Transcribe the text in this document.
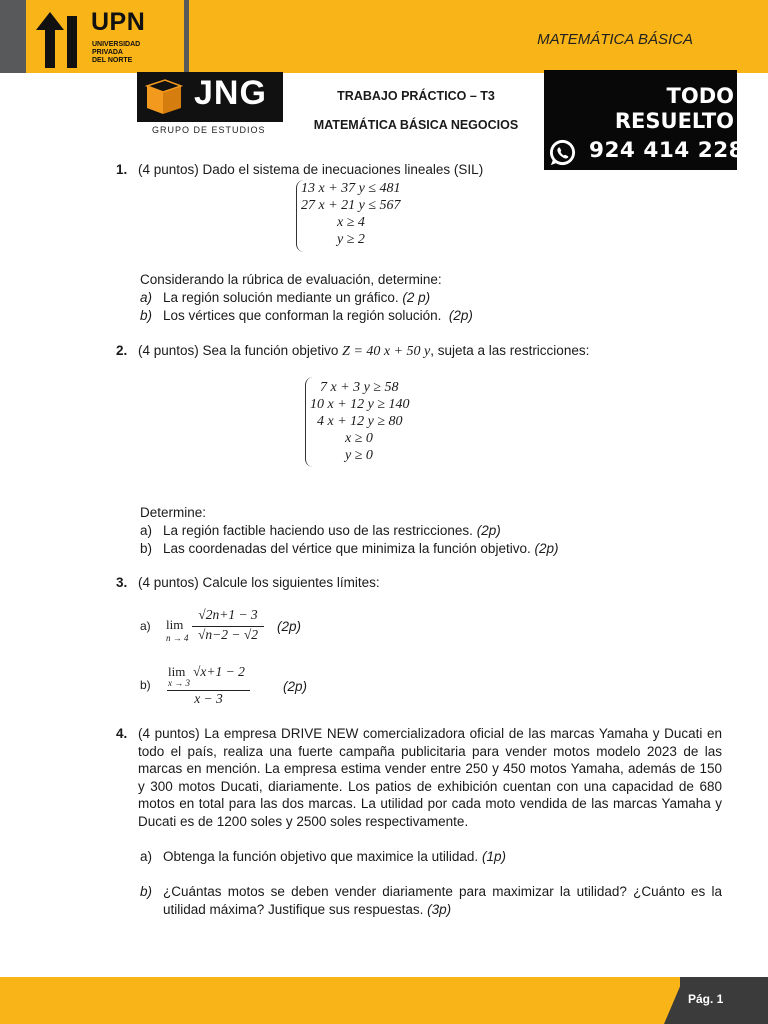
UPN
UNIVERSIDAD
PRIVADA
DEL NORTE
MATEMÁTICA BÁSICA
JNG
GRUPO DE ESTUDIOS
TRABAJO PRÁCTICO – T3
MATEMÁTICA BÁSICA NEGOCIOS
TODO
RESUELTO
924 414 228
1. (4 puntos) Dado el sistema de inecuaciones lineales (SIL)
13 x + 37 y ≤ 481
27 x + 21 y ≤ 567
x ≥ 4
y ≥ 2
Considerando la rúbrica de evaluación, determine:
a) La región solución mediante un gráfico. (2 p)
b) Los vértices que conforman la región solución. (2p)
2. (4 puntos) Sea la función objetivo Z = 40 x + 50 y, sujeta a las restricciones:
7 x + 3 y ≥ 58
10 x + 12 y ≥ 140
4 x + 12 y ≥ 80
x ≥ 0
y ≥ 0
Determine:
a) La región factible haciendo uso de las restricciones. (2p)
b) Las coordenadas del vértice que minimiza la función objetivo. (2p)
3. (4 puntos) Calcule los siguientes límites:
a) lim
n → 4
√2n+1 − 3
√n−2 − √2
(2p)
b)
lim
x → 3
√x+1 − 2
x − 3
(2p)
4. (4 puntos) La empresa DRIVE NEW comercializadora oficial de las marcas Yamaha y Ducati en todo el país, realiza una fuerte campaña publicitaria para vender motos modelo 2023 de las marcas en mención. La empresa estima vender entre 250 y 450 motos Yamaha, además de 150 y 300 motos Ducati, diariamente. Los patios de exhibición cuentan con una capacidad de 680 motos en total para las dos marcas. La utilidad por cada moto vendida de las marcas Yamaha y Ducati es de 1200 soles y 2500 soles respectivamente.
a) Obtenga la función objetivo que maximice la utilidad. (1p)
b) ¿Cuántas motos se deben vender diariamente para maximizar la utilidad? ¿Cuánto es la utilidad máxima? Justifique sus respuestas. (3p)
Pág. 1
